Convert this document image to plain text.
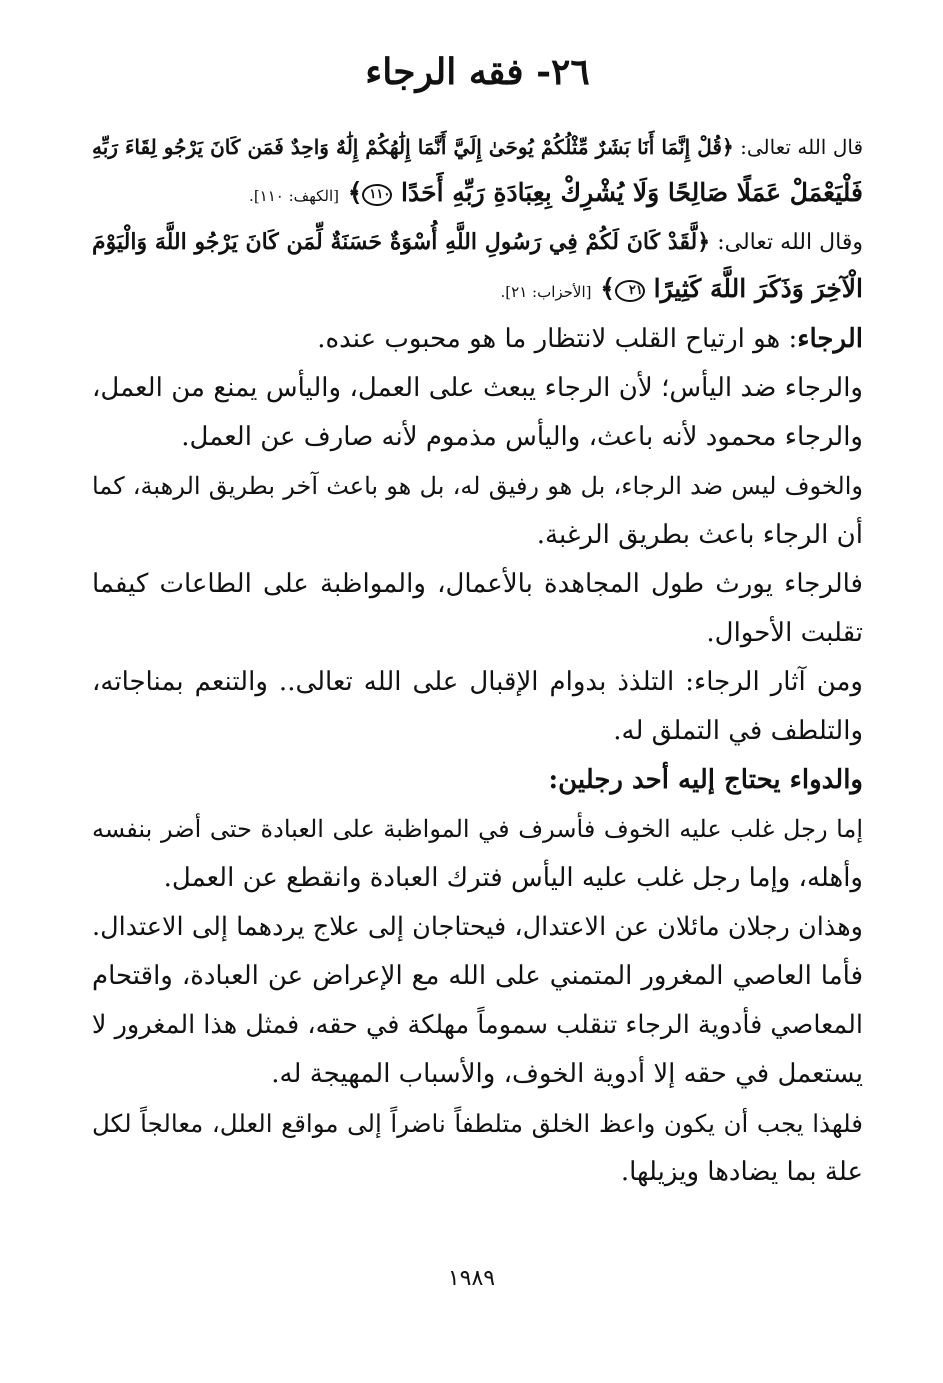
٢٦- فقه الرجاء
قال الله تعالى: ﴿قُلْ إِنَّمَا أَنَا بَشَرٌ مِّثْلُكُمْ يُوحَىٰ إِلَيَّ أَنَّمَا إِلَٰهُكُمْ إِلَٰهٌ وَاحِدٌ فَمَن كَانَ يَرْجُو لِقَاءَ رَبِّهِ
فَلْيَعْمَلْ عَمَلًا صَالِحًا وَلَا يُشْرِكْ بِعِبَادَةِ رَبِّهِ أَحَدًا ١١٠﴾ [الكهف: ١١٠].
وقال الله تعالى: ﴿لَّقَدْ كَانَ لَكُمْ فِي رَسُولِ اللَّهِ أُسْوَةٌ حَسَنَةٌ لِّمَن كَانَ يَرْجُو اللَّهَ وَالْيَوْمَ
الْآخِرَ وَذَكَرَ اللَّهَ كَثِيرًا ٢١﴾ [الأحزاب: ٢١].
الرجاء: هو ارتياح القلب لانتظار ما هو محبوب عنده.
والرجاء ضد اليأس؛ لأن الرجاء يبعث على العمل، واليأس يمنع من العمل،
والرجاء محمود لأنه باعث، واليأس مذموم لأنه صارف عن العمل.
والخوف ليس ضد الرجاء، بل هو رفيق له، بل هو باعث آخر بطريق الرهبة، كما
أن الرجاء باعث بطريق الرغبة.
فالرجاء يورث طول المجاهدة بالأعمال، والمواظبة على الطاعات كيفما
تقلبت الأحوال.
ومن آثار الرجاء: التلذذ بدوام الإقبال على الله تعالى.. والتنعم بمناجاته،
والتلطف في التملق له.
والدواء يحتاج إليه أحد رجلين:
إما رجل غلب عليه الخوف فأسرف في المواظبة على العبادة حتى أضر بنفسه
وأهله، وإما رجل غلب عليه اليأس فترك العبادة وانقطع عن العمل.
وهذان رجلان مائلان عن الاعتدال، فيحتاجان إلى علاج يردهما إلى الاعتدال.
فأما العاصي المغرور المتمني على الله مع الإعراض عن العبادة، واقتحام
المعاصي فأدوية الرجاء تنقلب سموماً مهلكة في حقه، فمثل هذا المغرور لا
يستعمل في حقه إلا أدوية الخوف، والأسباب المهيجة له.
فلهذا يجب أن يكون واعظ الخلق متلطفاً ناضراً إلى مواقع العلل، معالجاً لكل
علة بما يضادها ويزيلها.
١٩٨٩
